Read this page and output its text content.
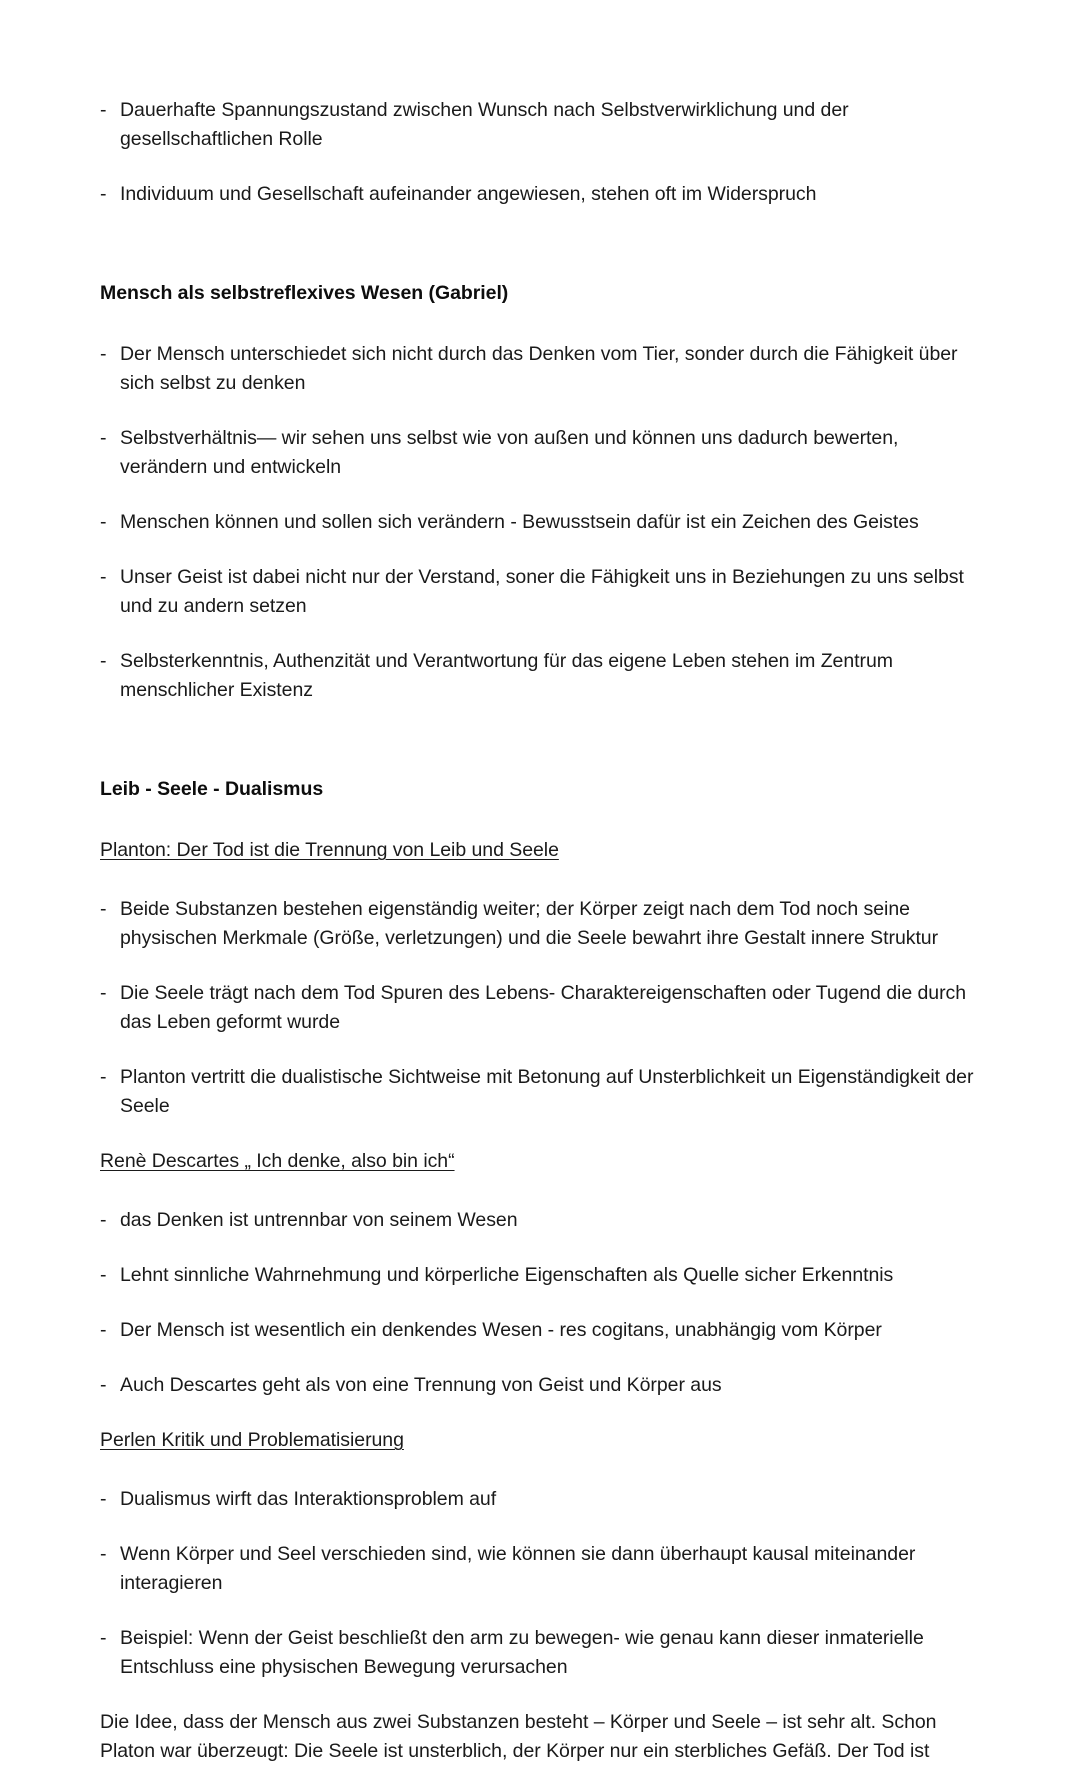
- Dauerhafte Spannungszustand zwischen Wunsch nach Selbstverwirklichung und der gesellschaftlichen Rolle
- Individuum und Gesellschaft aufeinander angewiesen, stehen oft im Widerspruch
Mensch als selbstreflexives Wesen (Gabriel)
- Der Mensch unterschiedet sich nicht durch das Denken vom Tier, sonder durch die Fähigkeit über sich selbst zu denken
- Selbstverhältnis— wir sehen uns selbst wie von außen und können uns dadurch bewerten, verändern und entwickeln
- Menschen können und sollen sich verändern - Bewusstsein dafür ist ein Zeichen des Geistes
- Unser Geist ist dabei nicht nur der Verstand, soner die Fähigkeit uns in Beziehungen zu uns selbst und zu andern setzen
- Selbsterkenntnis, Authenzität und Verantwortung für das eigene Leben stehen im Zentrum menschlicher Existenz
Leib - Seele - Dualismus
Planton: Der Tod ist die Trennung von Leib und Seele
- Beide Substanzen bestehen eigenständig weiter; der Körper zeigt nach dem Tod noch seine physischen Merkmale (Größe, verletzungen) und die Seele bewahrt ihre Gestalt innere Struktur
- Die Seele trägt nach dem Tod Spuren des Lebens- Charaktereigenschaften oder Tugend die durch das Leben geformt wurde
- Planton vertritt die dualistische Sichtweise mit Betonung auf Unsterblichkeit un Eigenständigkeit der Seele
Renè Descartes „ Ich denke, also bin ich“
- das Denken ist untrennbar von seinem Wesen
- Lehnt sinnliche Wahrnehmung und körperliche Eigenschaften als Quelle sicher Erkenntnis
- Der Mensch ist wesentlich ein denkendes Wesen - res cogitans, unabhängig vom Körper
- Auch Descartes geht als von eine Trennung von Geist und Körper aus
Perlen Kritik und Problematisierung
- Dualismus wirft das Interaktionsproblem auf
- Wenn Körper und Seel verschieden sind, wie können sie dann überhaupt kausal miteinander interagieren
- Beispiel: Wenn der Geist beschließt den arm zu bewegen- wie genau kann dieser inmaterielle Entschluss eine physischen Bewegung verursachen
Die Idee, dass der Mensch aus zwei Substanzen besteht – Körper und Seele – ist sehr alt. Schon Platon war überzeugt: Die Seele ist unsterblich, der Körper nur ein sterbliches Gefäß. Der Tod ist
